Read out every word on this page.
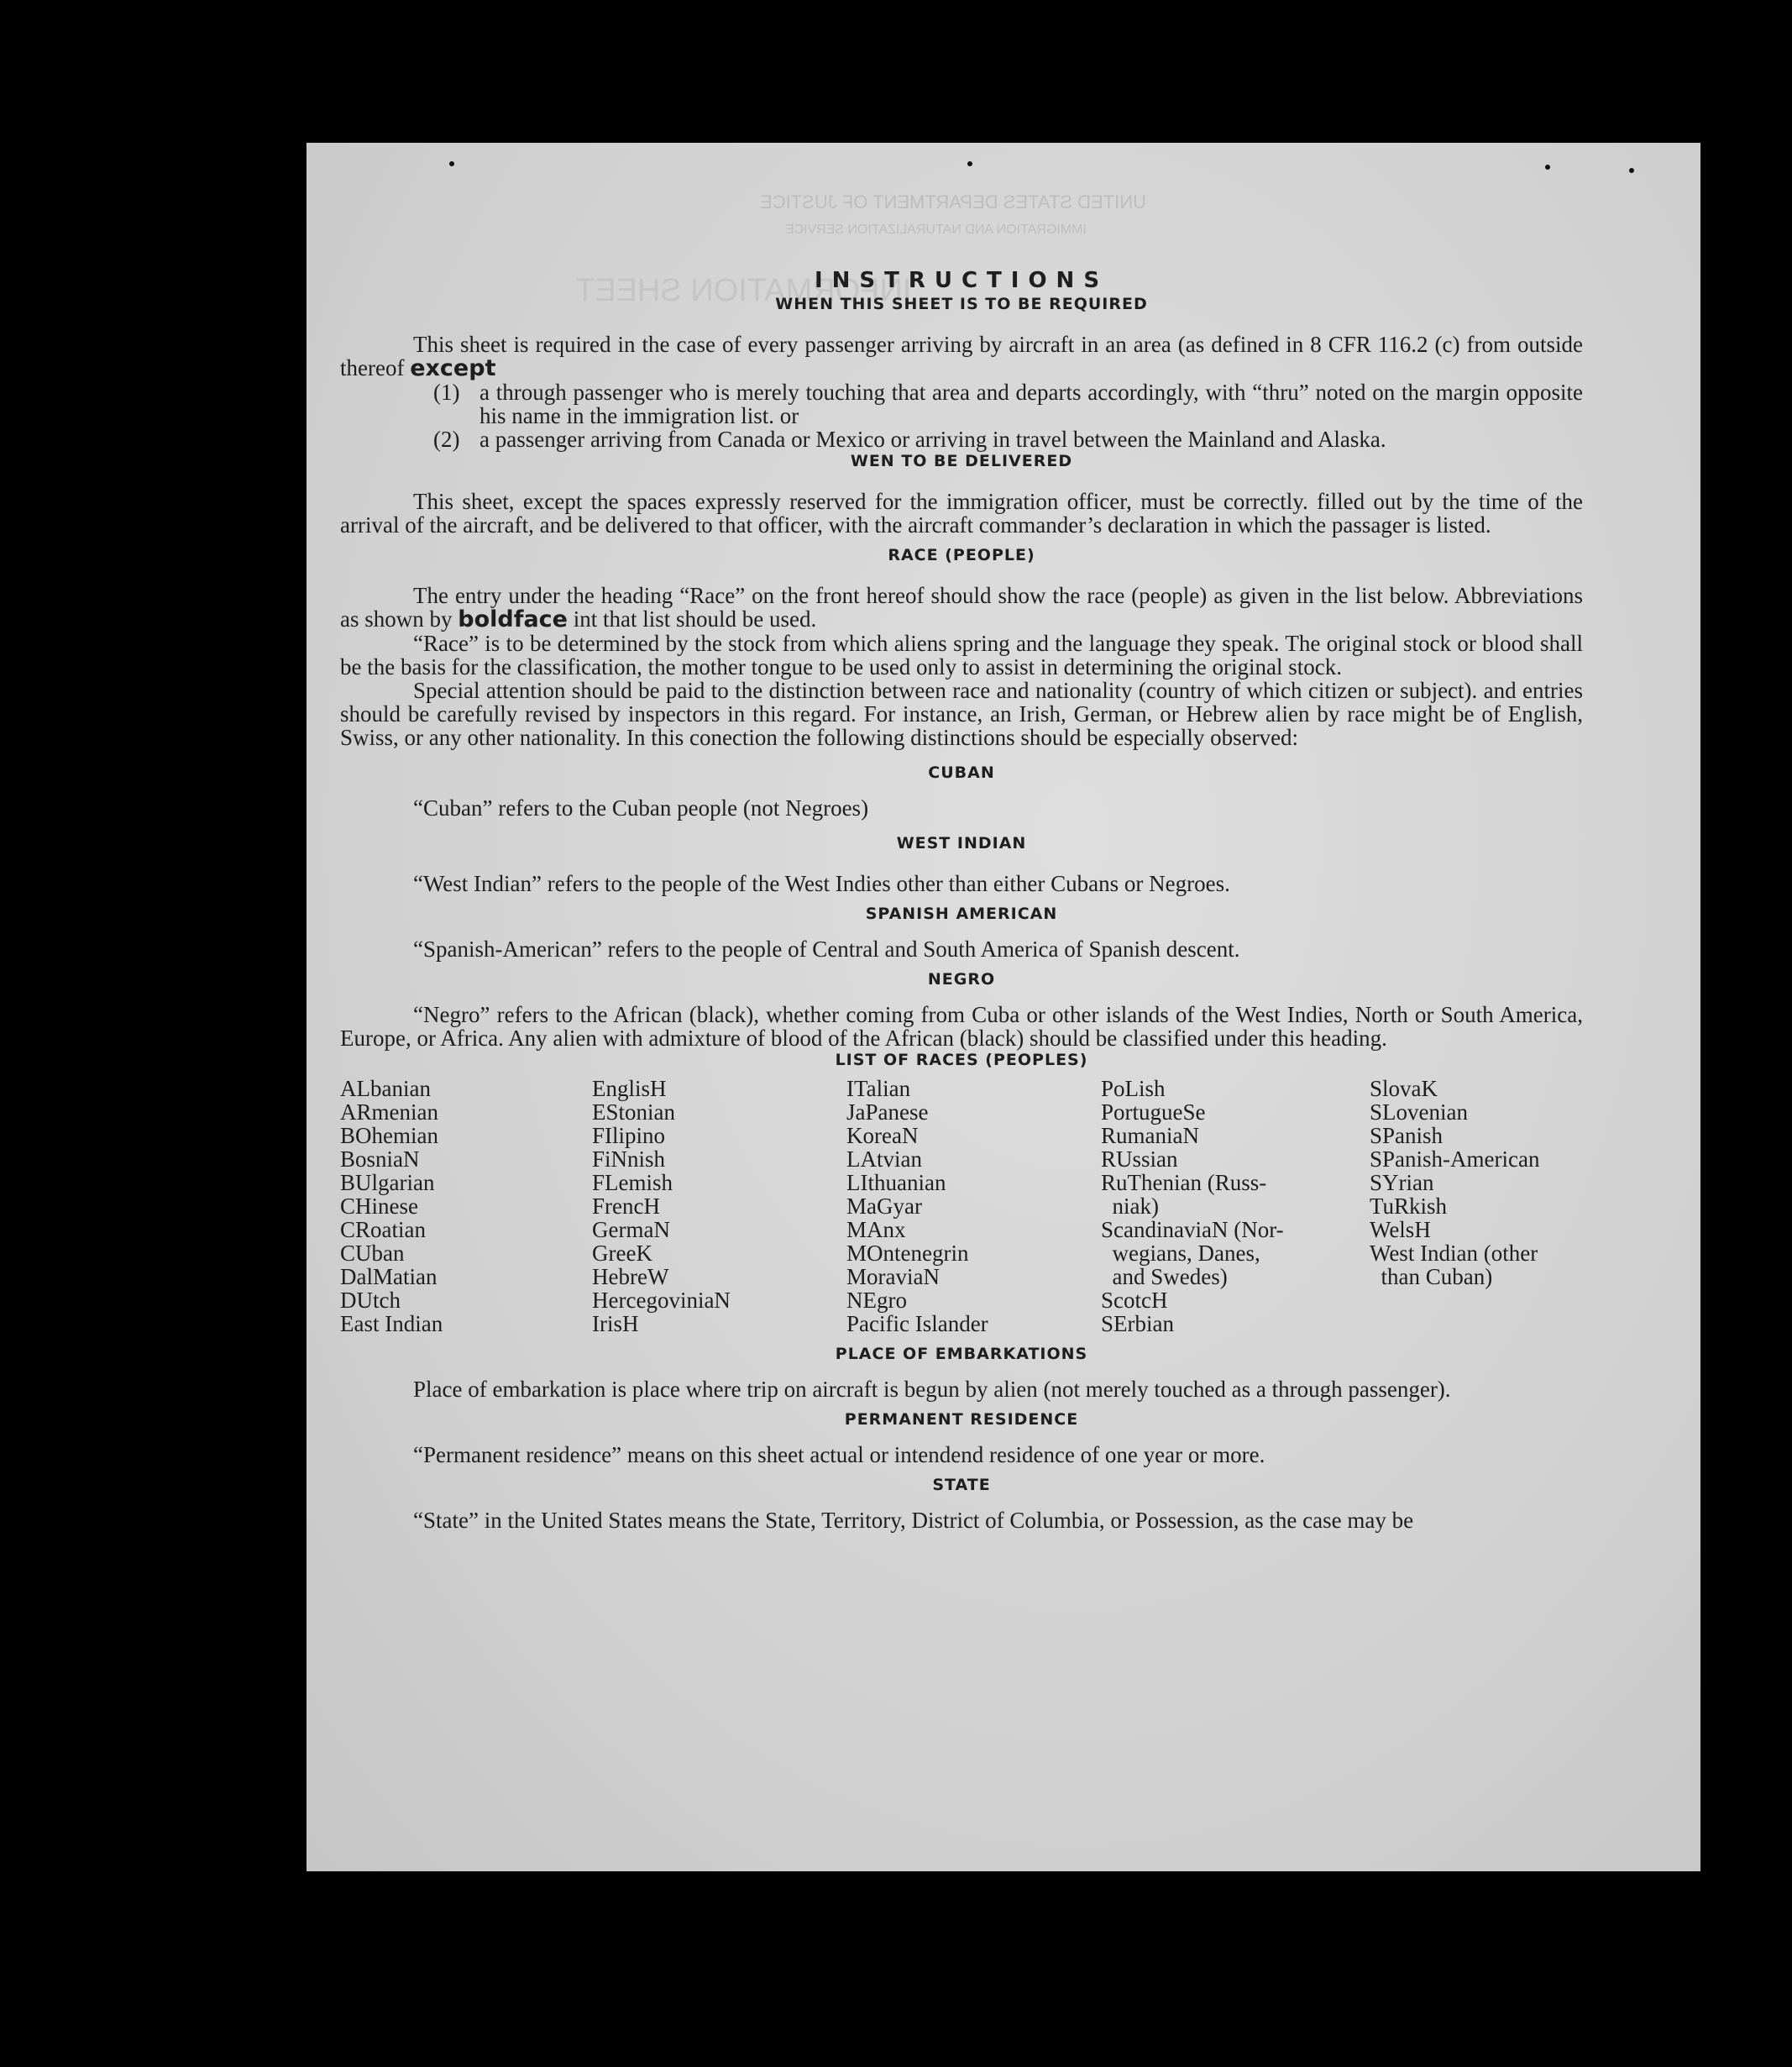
UNITED STATES DEPARTMENT OF JUSTICE
IMMIGRATION AND NATURALIZATION SERVICE
INFORMATION SHEET
INSTRUCTIONS
WHEN THIS SHEET IS TO BE REQUIRED

This sheet is required in the case of every passenger arriving by aircraft in an area (as defined in 8 CFR 116.2 (c) from outside thereof except

(1) a through passenger who is merely touching that area and departs accordingly, with “thru” noted on the margin opposite his name in the immigration list. or
(2) a passenger arriving from Canada or Mexico or arriving in travel between the Mainland and Alaska.
WEN TO BE DELIVERED

This sheet, except the spaces expressly reserved for the immigration officer, must be correctly. filled out by the time of the arrival of the aircraft, and be delivered to that officer, with the aircraft commander’s declaration in which the passager is listed.

RACE (PEOPLE)

The entry under the heading “Race” on the front hereof should show the race (people) as given in the list below. Abbreviations as shown by boldface int that list should be used.

“Race” is to be determined by the stock from which aliens spring and the language they speak. The original stock or blood shall be the basis for the classification, the mother tongue to be used only to assist in determining the original stock.

Special attention should be paid to the distinction between race and nationality (country of which citizen or subject). and entries should be carefully revised by inspectors in this regard. For instance, an Irish, German, or Hebrew alien by race might be of English, Swiss, or any other nationality. In this conection the following distinctions should be especially observed:

CUBAN

“Cuban” refers to the Cuban people (not Negroes)

WEST INDIAN

“West Indian” refers to the people of the West Indies other than either Cubans or Negroes.

SPANISH AMERICAN

“Spanish-American” refers to the people of Central and South America of Spanish descent.

NEGRO

“Negro” refers to the African (black), whether coming from Cuba or other islands of the West Indies, North or South America, Europe, or Africa. Any alien with admixture of blood of the African (black) should be classified under this heading.

LIST OF RACES (PEOPLES)
ALbanian
ARmenian
BOhemian
BosniaN
BUlgarian
CHinese
CRoatian
CUban
DalMatian
DUtch
East Indian
EnglisH
EStonian
FIlipino
FiNnish
FLemish
FrencH
GermaN
GreeK
HebreW
HercegoviniaN
IrisH
ITalian
JaPanese
KoreaN
LAtvian
LIthuanian
MaGyar
MAnx
MOntenegrin
MoraviaN
NEgro
Pacific Islander
PoLish
PortugueSe
RumaniaN
RUssian
RuThenian (Russ-
niak)
ScandinaviaN (Nor-
wegians, Danes,
and Swedes)
ScotcH
SErbian
SlovaK
SLovenian
SPanish
SPanish-American
SYrian
TuRkish
WelsH
West Indian (other
than Cuban)
PLACE OF EMBARKATIONS

Place of embarkation is place where trip on aircraft is begun by alien (not merely touched as a through passenger).

PERMANENT RESIDENCE

“Permanent residence” means on this sheet actual or intendend residence of one year or more.

STATE

“State” in the United States means the State, Territory, District of Columbia, or Possession, as the case may be
